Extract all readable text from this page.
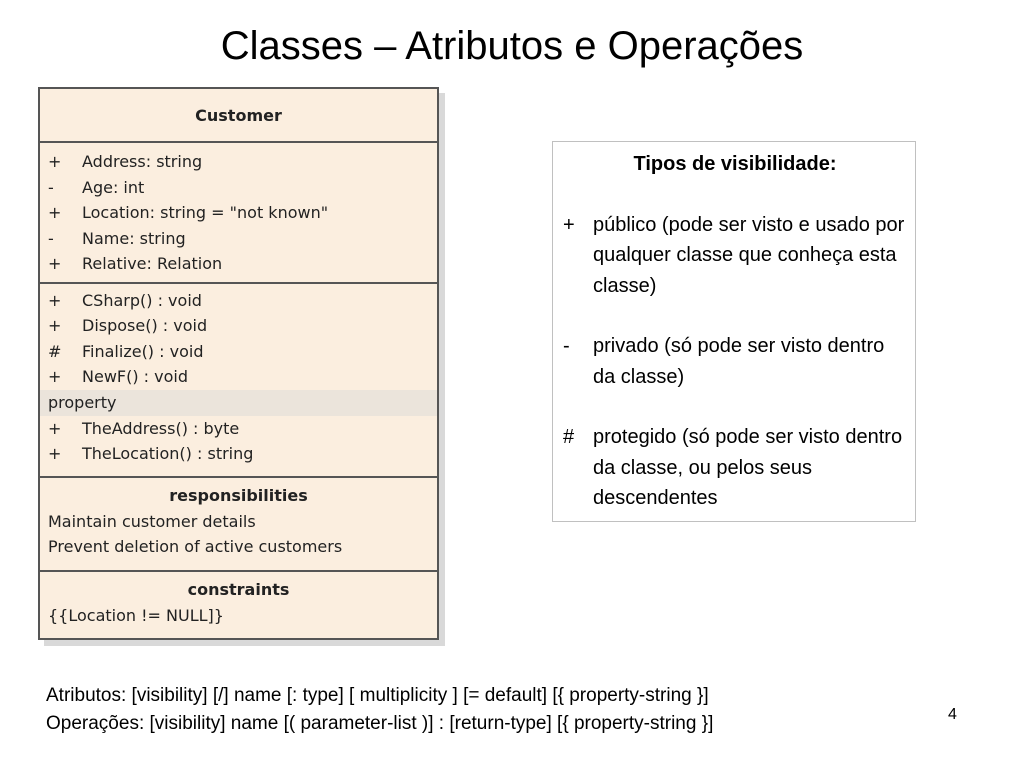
Classes – Atributos e Operações
Customer
+	Address: string
-	Age: int
+	Location: string = "not known"
-	Name: string
+	Relative: Relation
+	CSharp() : void
+	Dispose() : void
#	Finalize() : void
+	NewF() : void
property
+	TheAddress() : byte
+	TheLocation() : string
responsibilities
Maintain customer details
Prevent deletion of active customers
constraints
{{Location != NULL]}
Tipos de visibilidade:
+ público (pode ser visto e usado por qualquer classe que conheça esta classe)
-	privado (só pode ser visto dentro da classe)
# protegido (só pode ser visto dentro da classe, ou pelos seus descendentes
Atributos: [visibility] [/] name [: type] [ multiplicity ] [= default] [{ property-string }]
Operações: [visibility] name [( parameter-list )] : [return-type] [{ property-string }]	4
